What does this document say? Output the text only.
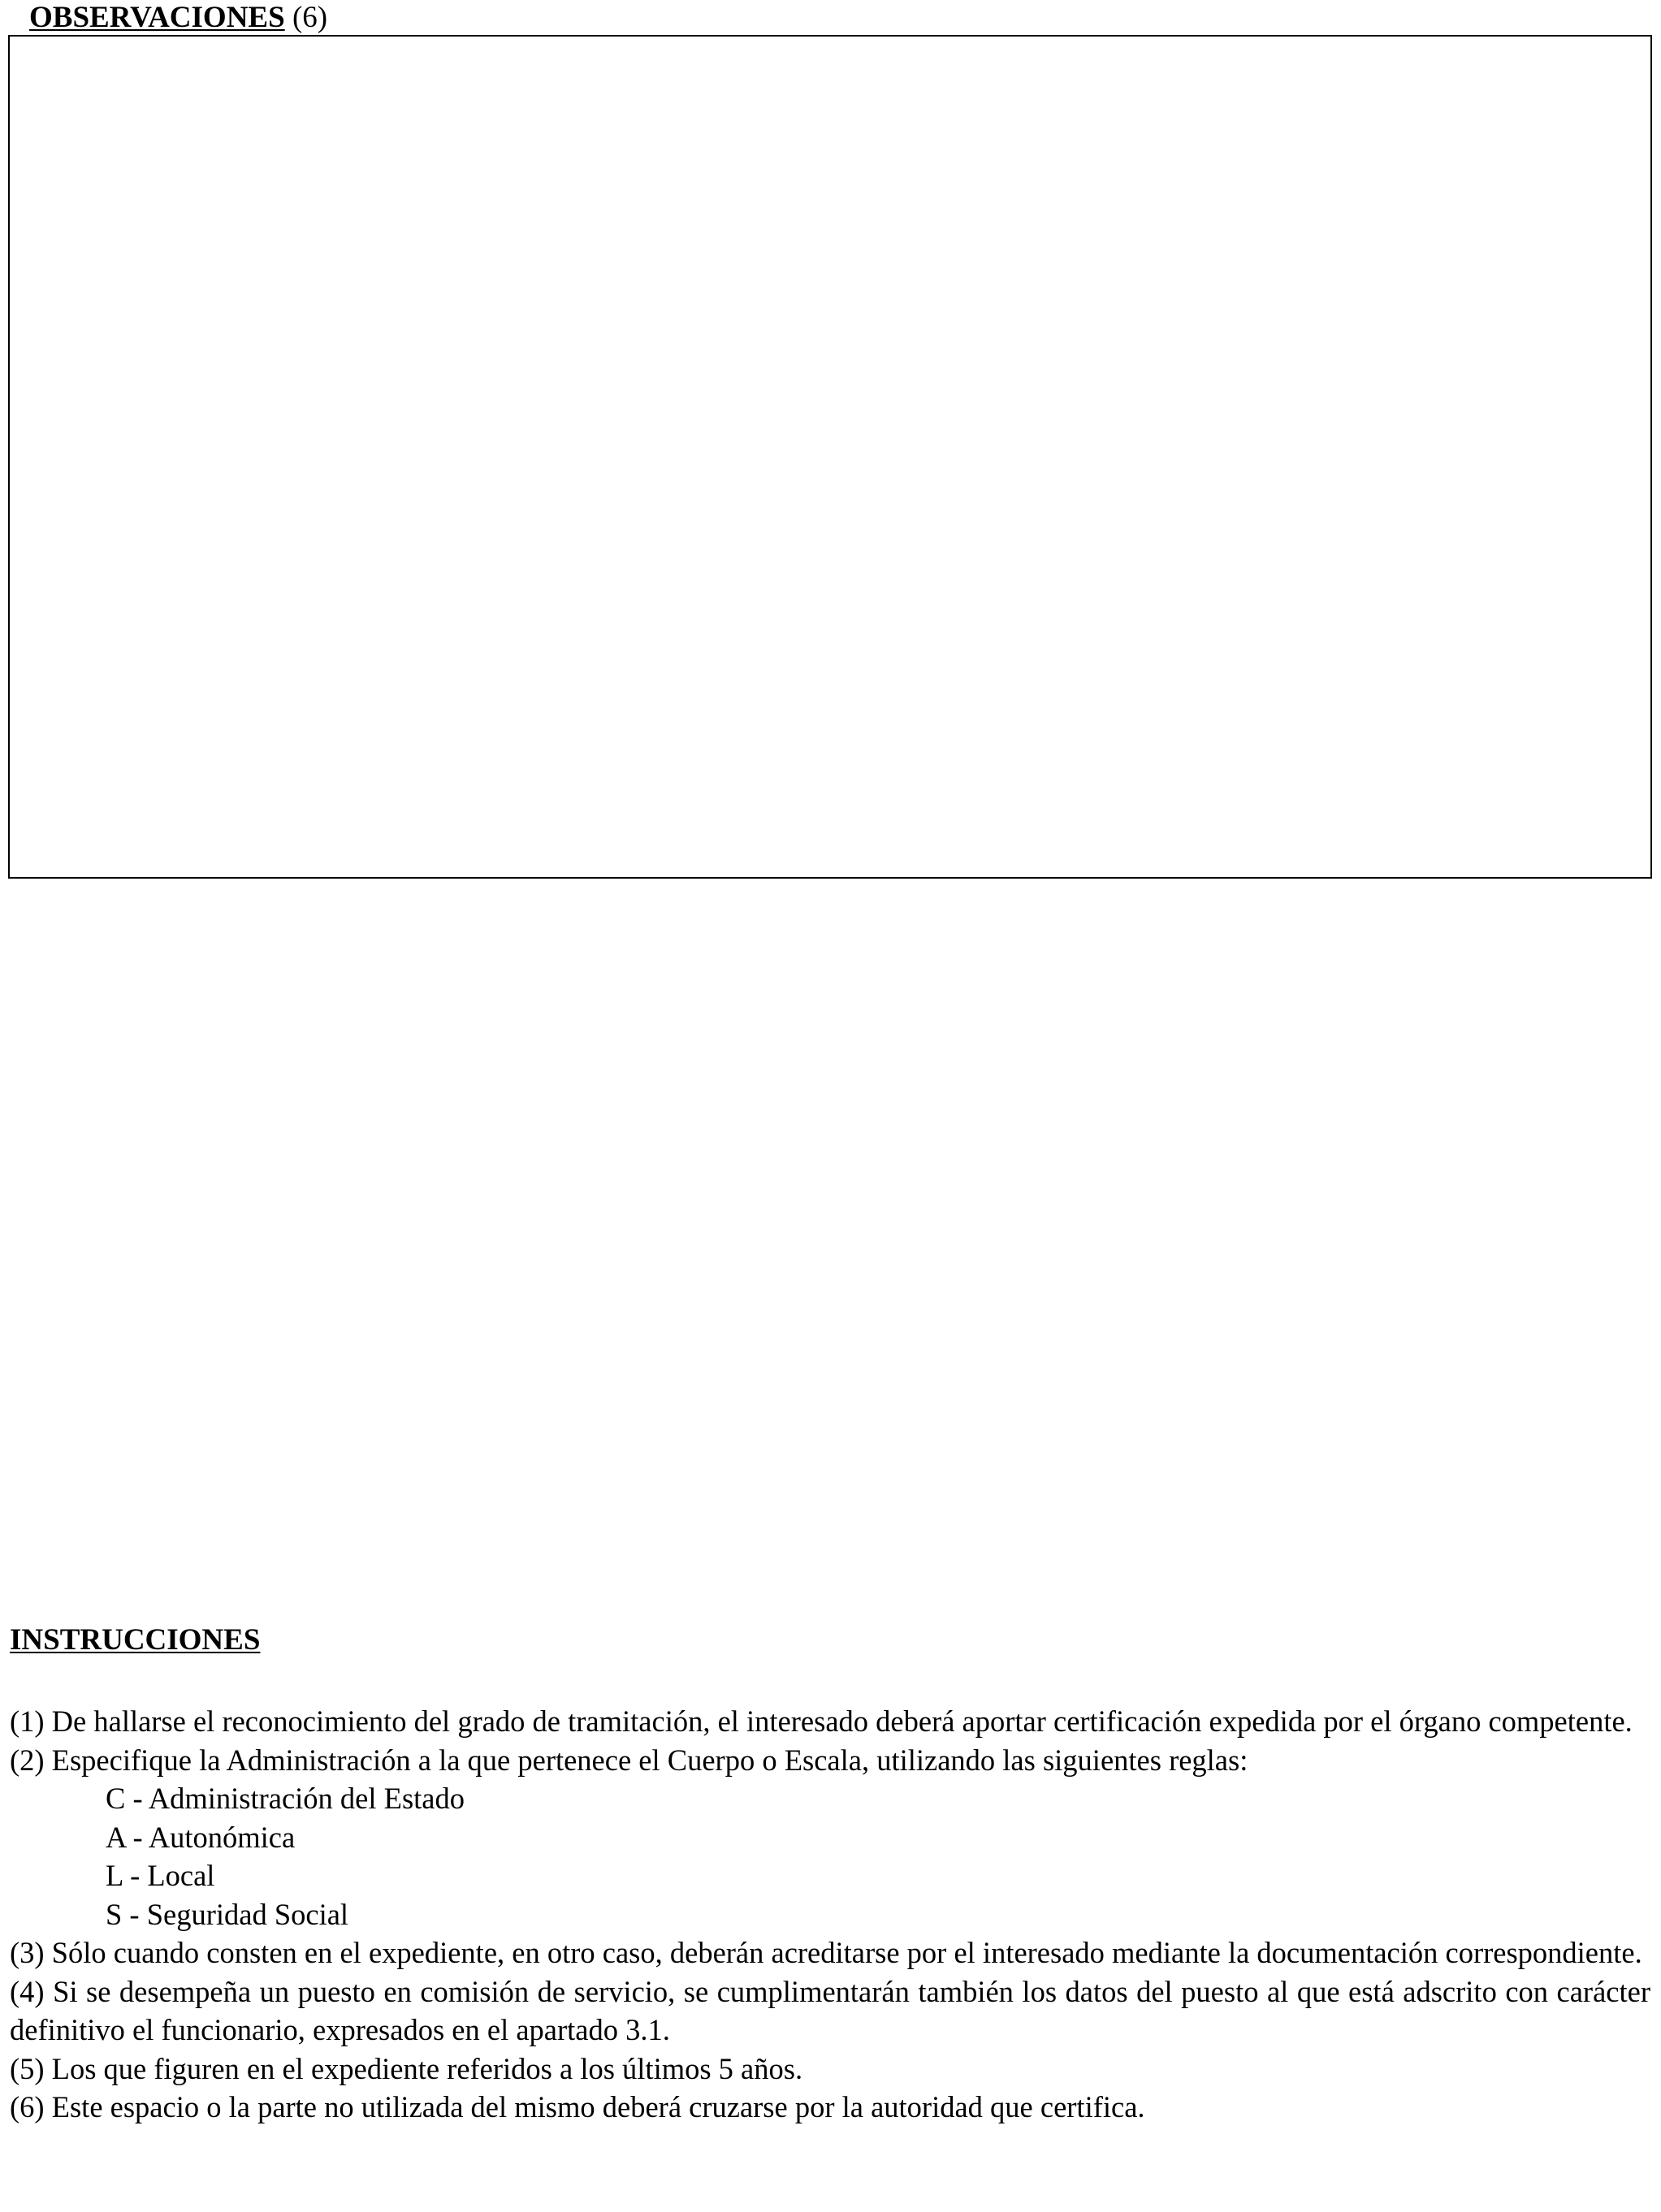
OBSERVACIONES (6)
INSTRUCCIONES

(1) De hallarse el reconocimiento del grado de tramitación, el interesado deberá aportar certificación expedida por el órgano competente.

(2) Especifique la Administración a la que pertenece el Cuerpo o Escala, utilizando las siguientes reglas:

C - Administración del Estado

A - Autonómica

L - Local

S - Seguridad Social

(3) Sólo cuando consten en el expediente, en otro caso, deberán acreditarse por el interesado mediante la documentación correspondiente.

(4) Si se desempeña un puesto en comisión de servicio, se cumplimentarán también los datos del puesto al que está adscrito con carácter definitivo el funcionario, expresados en el apartado 3.1.

(5) Los que figuren en el expediente referidos a los últimos 5 años.

(6) Este espacio o la parte no utilizada del mismo deberá cruzarse por la autoridad que certifica.
